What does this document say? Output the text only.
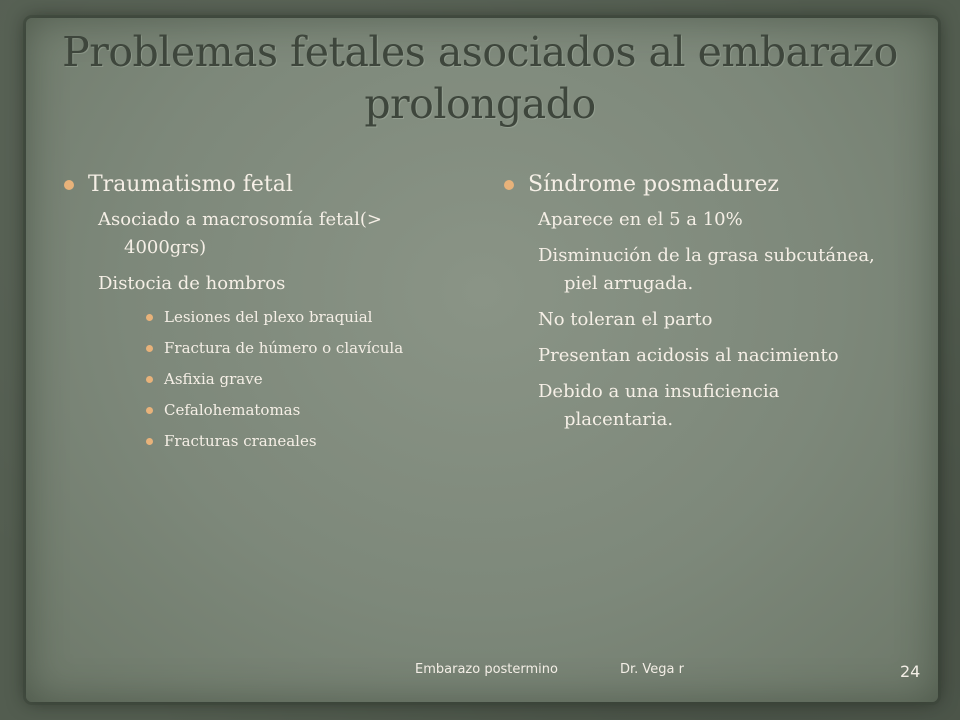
Problemas fetales asociados al embarazo prolongado
Traumatismo fetal
Asociado a macrosomía fetal(> 4000grs)
Distocia de hombros
Lesiones del plexo braquial
Fractura de húmero o clavícula
Asfixia grave
Cefalohematomas
Fracturas craneales
Síndrome posmadurez
Aparece en el 5 a 10%
Disminución de la grasa subcutánea, piel arrugada.
No toleran el parto
Presentan acidosis al nacimiento
Debido a una insuficiencia placentaria.
Embarazo postermino	Dr. Vega r	24
